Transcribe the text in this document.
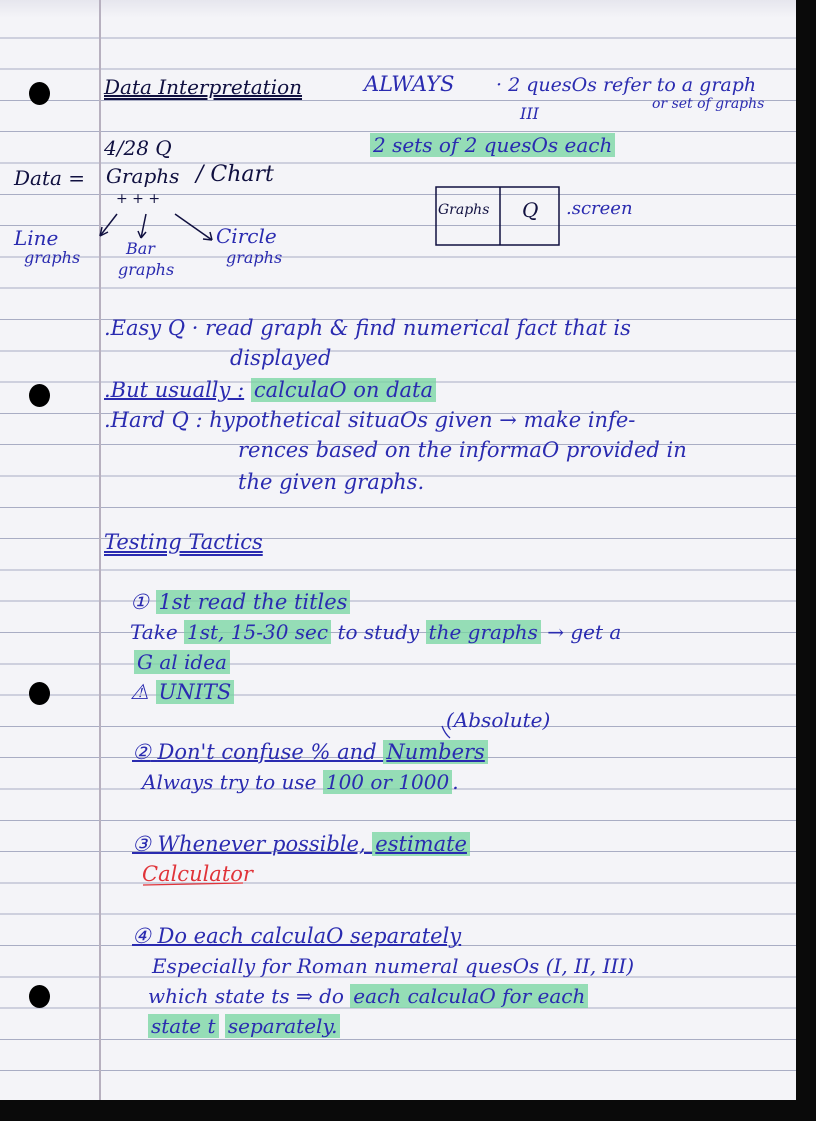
Data Interpretation	ALWAYS · 2 quesOs refer to a graph
or set of graphs
III
4/28 Q	2 sets of 2 quesOs each
Data = Graphs / Chart
+ + +
Line
graphs	Bar
graphs
Circle
graphs
Graphs Q .screen
.Easy Q · read graph & find numerical fact that is
displayed
.But usually : calculaO on data
.Hard Q : hypothetical situaOs given → make infe-
rences based on the informaO provided in
the given graphs.
Testing Tactics
① 1st read the titles
Take 1st, 15-30 sec to study the graphs → get a
G al idea
⚠ UNITS
(Absolute)
② Don't confuse % and Numbers
Always try to use 100 or 1000 .
③ Whenever possible, estimate
Calculator
④ Do each calculaO separately
Especially for Roman numeral quesOs (I, II, III)
which state ts ⇒ do each calculaO for each
state t separately.
